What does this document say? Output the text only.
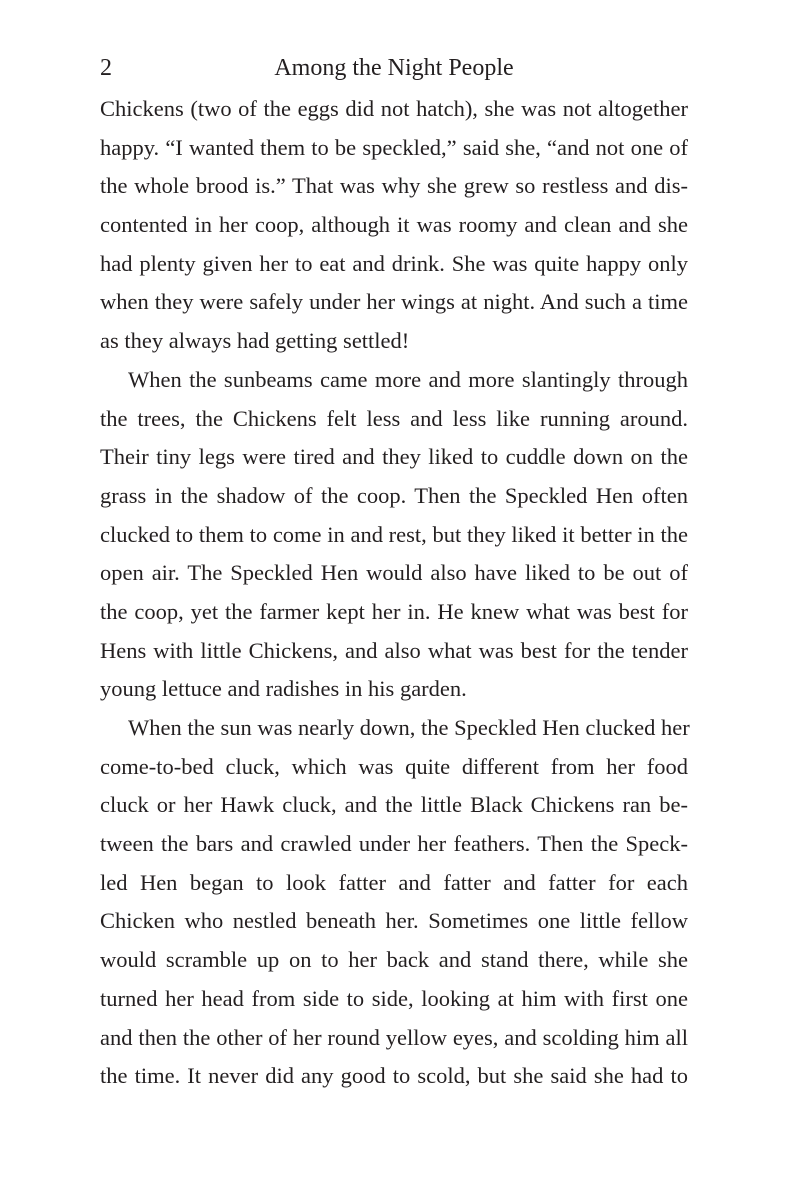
2	Among the Night People
Chickens (two of the eggs did not hatch), she was not altogether
happy. “I wanted them to be speckled,” said she, “and not one of
the whole brood is.” That was why she grew so restless and dis-
contented in her coop, although it was roomy and clean and she
had plenty given her to eat and drink. She was quite happy only
when they were safely under her wings at night. And such a time
as they always had getting settled!
When the sunbeams came more and more slantingly through
the trees, the Chickens felt less and less like running around.
Their tiny legs were tired and they liked to cuddle down on the
grass in the shadow of the coop. Then the Speckled Hen often
clucked to them to come in and rest, but they liked it better in the
open air. The Speckled Hen would also have liked to be out of
the coop, yet the farmer kept her in. He knew what was best for
Hens with little Chickens, and also what was best for the tender
young lettuce and radishes in his garden.
When the sun was nearly down, the Speckled Hen clucked her
come-to-bed cluck, which was quite different from her food
cluck or her Hawk cluck, and the little Black Chickens ran be-
tween the bars and crawled under her feathers. Then the Speck-
led Hen began to look fatter and fatter and fatter for each
Chicken who nestled beneath her. Sometimes one little fellow
would scramble up on to her back and stand there, while she
turned her head from side to side, looking at him with first one
and then the other of her round yellow eyes, and scolding him all
the time. It never did any good to scold, but she said she had to
